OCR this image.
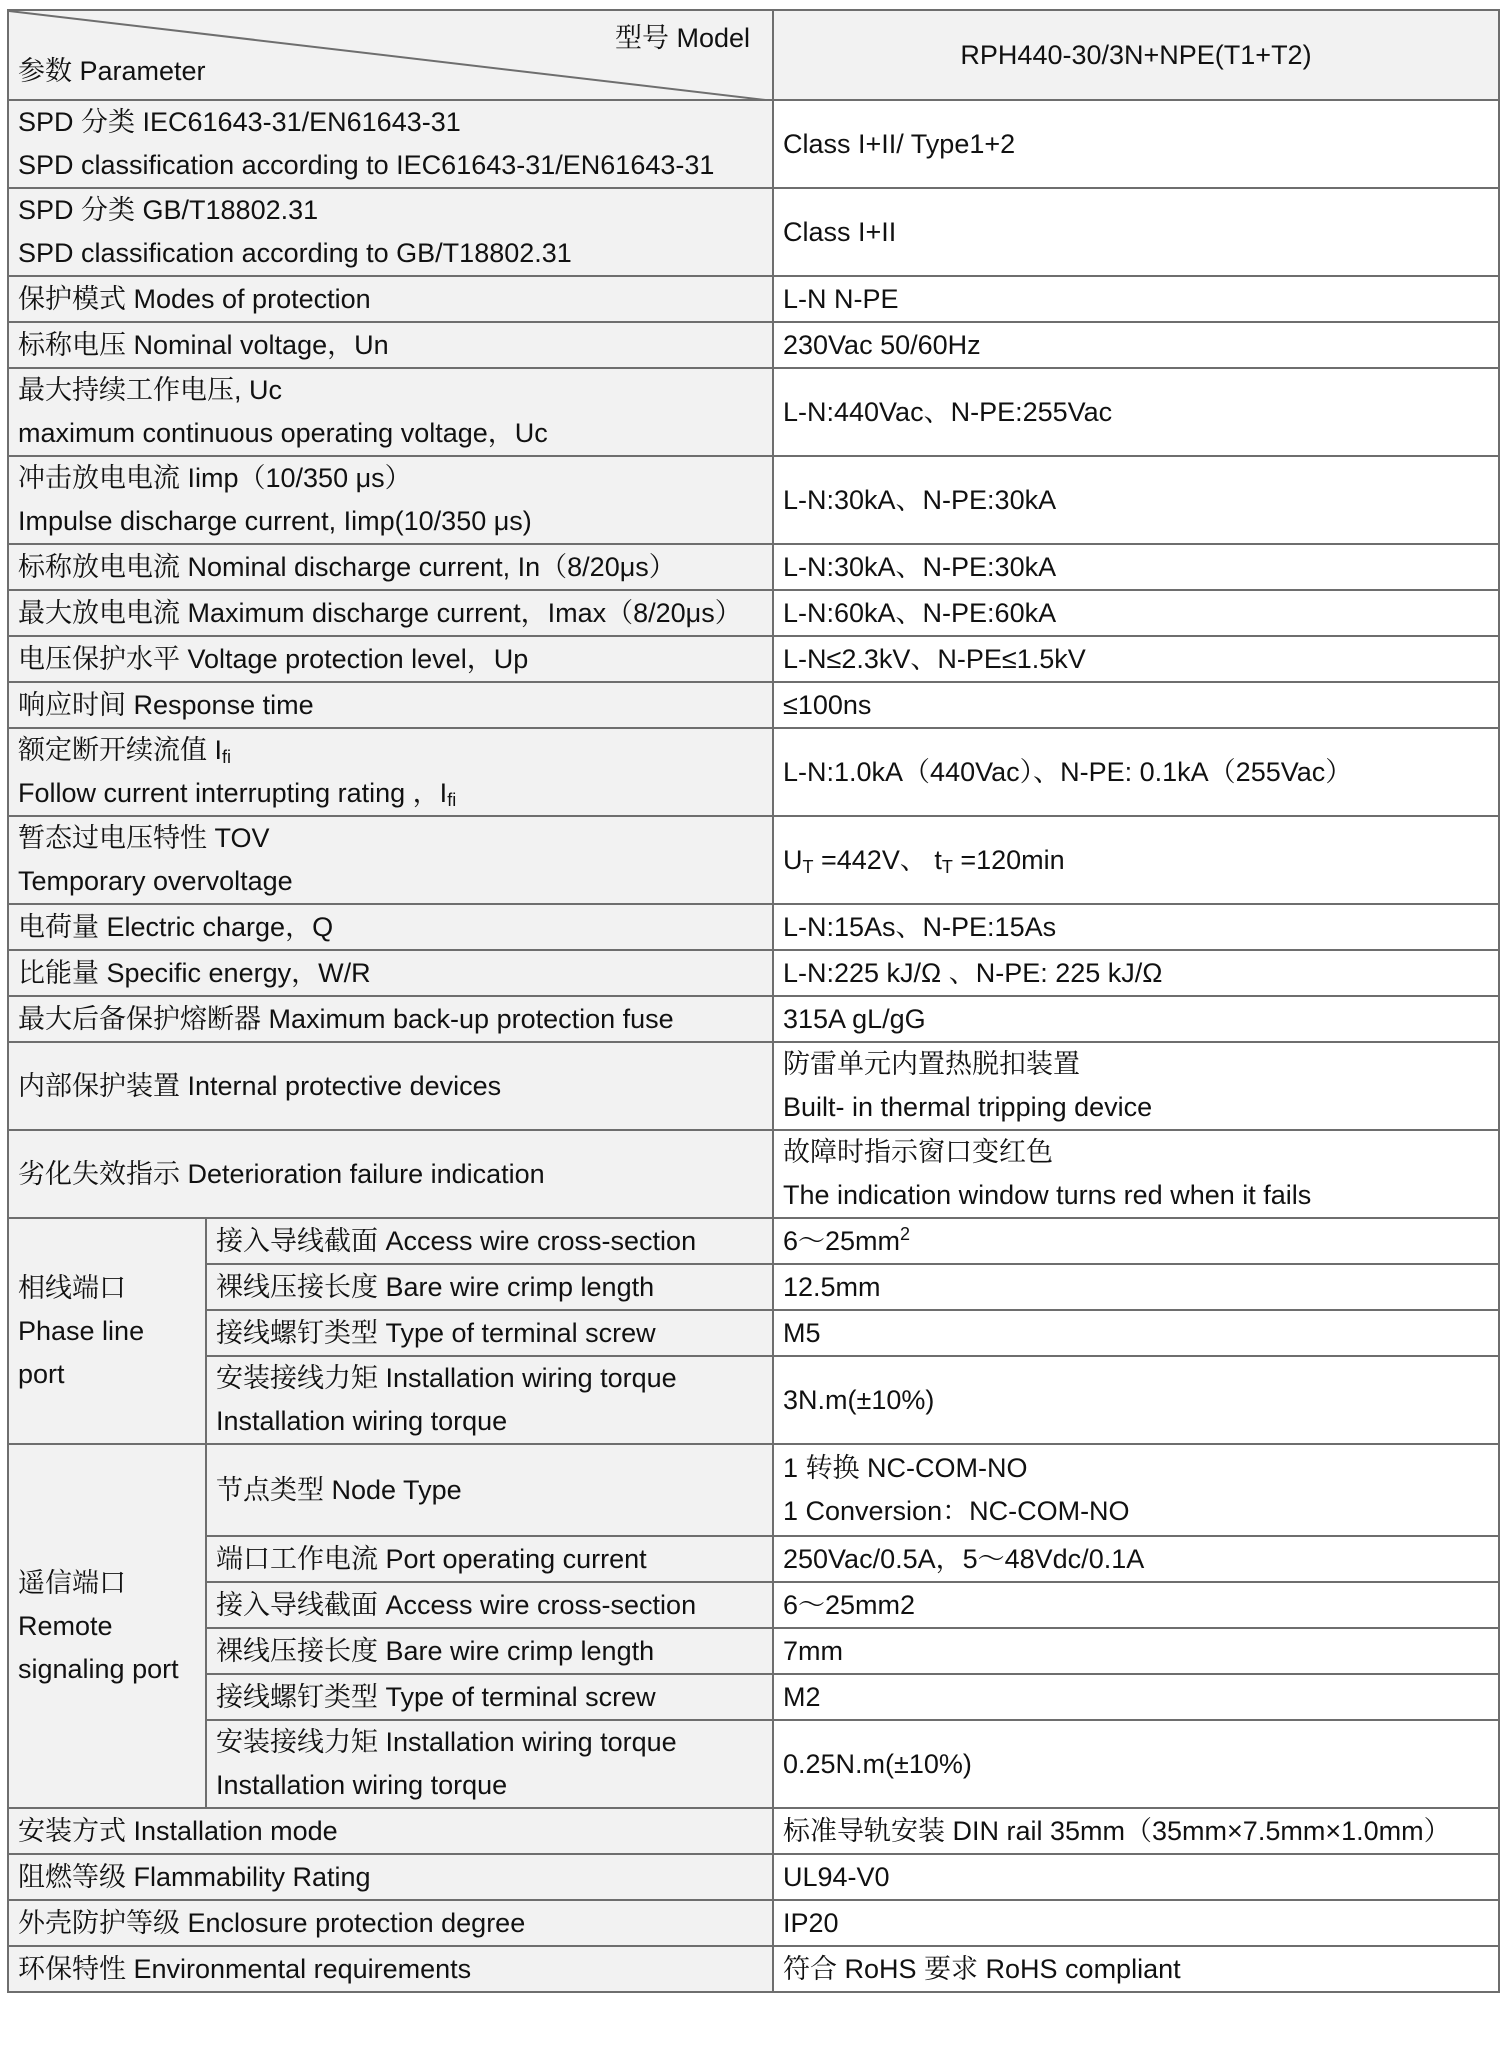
型号 Model
参数 Parameter		RPH440-30/3N+NPE(T1+T2)

SPD 分类 IEC61643-31/EN61643-31
SPD classification according to IEC61643-31/EN61643-31		Class I+II/ Type1+2

SPD 分类 GB/T18802.31
SPD classification according to GB/T18802.31		Class I+II

保护模式 Modes of protection		L-N N-PE

标称电压 Nominal voltage，Un		230Vac 50/60Hz

最大持续工作电压, Uc
maximum continuous operating voltage，Uc		L-N:440Vac、N-PE:255Vac

冲击放电电流 Iimp（10/350 μs）
Impulse discharge current, Iimp(10/350 μs)		L-N:30kA、N-PE:30kA

标称放电电流 Nominal discharge current, In（8/20μs）		L-N:30kA、N-PE:30kA

最大放电电流 Maximum discharge current，Imax（8/20μs）		L-N:60kA、N-PE:60kA

电压保护水平 Voltage protection level，Up		L-N≤2.3kV、N-PE≤1.5kV

响应时间 Response time		≤100ns

额定断开续流值 $I_{fi}$
Follow current interrupting rating ，$I_{fi}$		L-N:1.0kA（440Vac）、N-PE: 0.1kA（255Vac）

暂态过电压特性 TOV
Temporary overvoltage		$U_T =442V$、 $t_T =120\min$

电荷量 Electric charge，Q		L-N:15As、N-PE:15As

比能量 Specific energy，W/R		L-N:225 kJ/Ω 、N-PE: 225 kJ/Ω

最大后备保护熔断器 Maximum back-up protection fuse		315A gL/gG

内部保护装置 Internal protective devices		防雷单元内置热脱扣装置
Built- in thermal tripping device

劣化失效指示 Deterioration failure indication		故障时指示窗口变红色
The indication window turns red when it fails

相线端口
Phase line
port	接入导线截面 Access wire cross-section	$6\sim 25mm^2$

	裸线压接长度 Bare wire crimp length	12.5mm

	接线螺钉类型 Type of terminal screw	M5

	安装接线力矩 Installation wiring torque
Installation wiring torque	3N.m(±10%)

遥信端口
Remote
signaling port	节点类型 Node Type	1 转换 NC-COM-NO
1 Conversion：NC-COM-NO

	端口工作电流 Port operating current	250Vac/0.5A，5～48Vdc/0.1A

	接入导线截面 Access wire cross-section	6～25mm2

	裸线压接长度 Bare wire crimp length	7mm

	接线螺钉类型 Type of terminal screw	M2

	安装接线力矩 Installation wiring torque
Installation wiring torque	0.25N.m(±10%)

安装方式 Installation mode		标准导轨安装 DIN rail 35mm（35mm×7.5mm×1.0mm）

阻燃等级 Flammability Rating		UL94-V0

外壳防护等级 Enclosure protection degree		IP20

环保特性 Environmental requirements		符合 RoHS 要求 RoHS compliant
